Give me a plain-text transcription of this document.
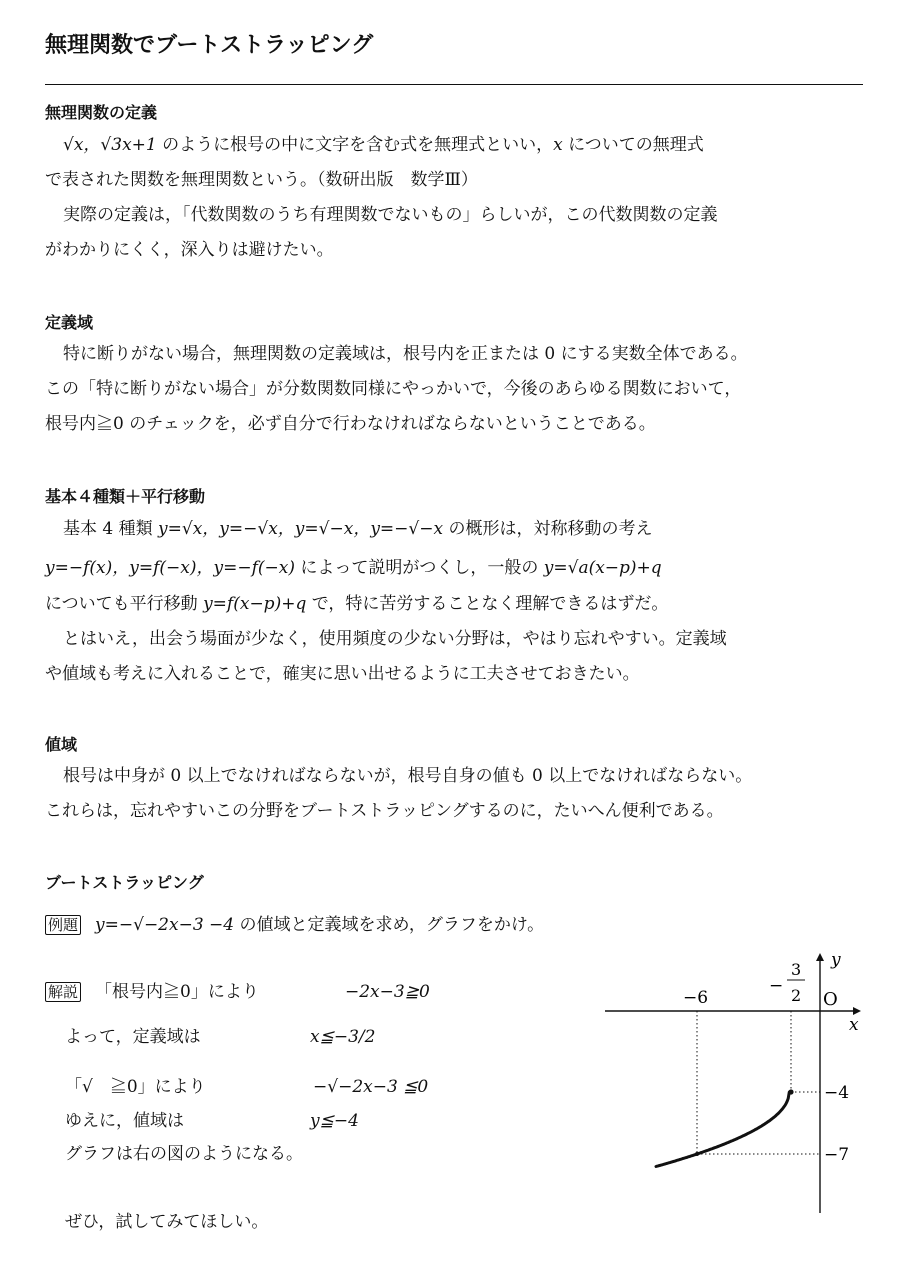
無理関数でブートストラッピング
無理関数の定義

√x，√3x+1 のように根号の中に文字を含む式を無理式といい，x についての無理式

で表された関数を無理関数という。（数研出版　数学Ⅲ）

実際の定義は，「代数関数のうち有理関数でないもの」らしいが，この代数関数の定義

がわかりにくく，深入りは避けたい。

定義域

特に断りがない場合，無理関数の定義域は，根号内を正または 0 にする実数全体である。

この「特に断りがない場合」が分数関数同様にやっかいで，今後のあらゆる関数において，

根号内≧0 のチェックを，必ず自分で行わなければならないということである。

基本４種類＋平行移動

基本 4 種類 y=√x，y=−√x，y=√−x，y=−√−x の概形は，対称移動の考え

y=−f(x)，y=f(−x)，y=−f(−x) によって説明がつくし，一般の y=√a(x−p)+q

についても平行移動 y=f(x−p)+q で，特に苦労することなく理解できるはずだ。

とはいえ，出会う場面が少なく，使用頻度の少ない分野は，やはり忘れやすい。定義域

や値域も考えに入れることで，確実に思い出せるように工夫させておきたい。

値域

根号は中身が 0 以上でなければならないが，根号自身の値も 0 以上でなければならない。

これらは，忘れやすいこの分野をブートストラッピングするのに，たいへん便利である。

ブートストラッピング

例題 y=−√−2x−3 −4 の値域と定義域を求め，グラフをかけ。

解説 「根号内≧0」により	−2x−3≧0
よって，定義域は	x≦−3/2
「√　≧0」により	−√−2x−3 ≦0
ゆえに，値域は	y≦−4
グラフは右の図のようになる。
ぜひ，試してみてほしい。
x
y
O
−6
−
3
2
−4
−7
